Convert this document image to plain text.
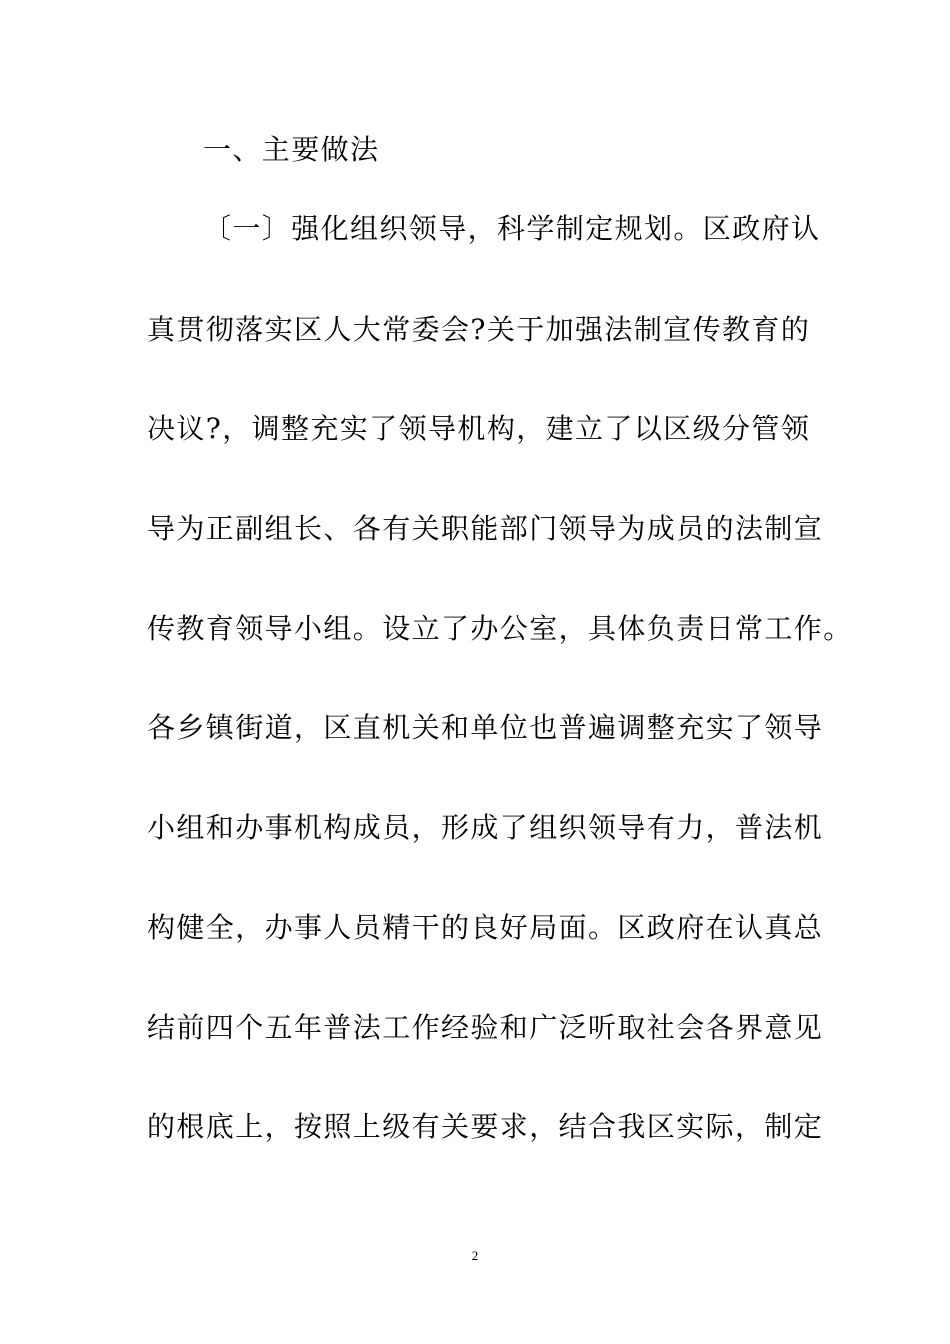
一、主要做法
〔一〕强化组织领导，科学制定规划。区政府认
真贯彻落实区人大常委会?关于加强法制宣传教育的
决议?，调整充实了领导机构，建立了以区级分管领
导为正副组长、各有关职能部门领导为成员的法制宣
传教育领导小组。设立了办公室，具体负责日常工作。
各乡镇街道，区直机关和单位也普遍调整充实了领导
小组和办事机构成员，形成了组织领导有力，普法机
构健全，办事人员精干的良好局面。区政府在认真总
结前四个五年普法工作经验和广泛听取社会各界意见
的根底上，按照上级有关要求，结合我区实际，制定
2
